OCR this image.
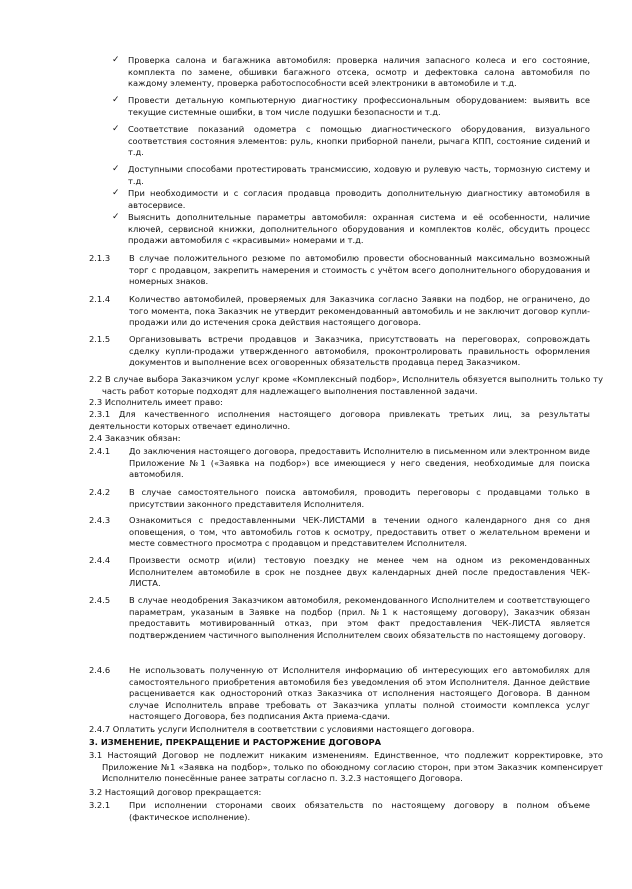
✓ Проверка салона и багажника автомобиля: проверка наличия запасного колеса и его состояние, комплекта по замене, обшивки багажного отсека, осмотр и дефектовка салона автомобиля по каждому элементу, проверка работоспособности всей электроники в автомобиле и т.д.
✓ Провести детальную компьютерную диагностику профессиональным оборудованием: выявить все текущие системные ошибки, в том числе подушки безопасности и т.д.
✓ Соответствие показаний одометра с помощью диагностического оборудования, визуального соответствия состояния элементов: руль, кнопки приборной панели, рычага КПП, состояние сидений и т.д.
✓ Доступными способами протестировать трансмиссию, ходовую и рулевую часть, тормозную систему и т.д.
✓ При необходимости и с согласия продавца проводить дополнительную диагностику автомобиля в автосервисе.
✓ Выяснить дополнительные параметры автомобиля: охранная система и её особенности, наличие ключей, сервисной книжки, дополнительного оборудования и комплектов колёс, обсудить процесс продажи автомобиля с «красивыми» номерами и т.д.
2.1.3 В случае положительного резюме по автомобилю провести обоснованный максимально возможный торг с продавцом, закрепить намерения и стоимость с учётом всего дополнительного оборудования и номерных знаков.
2.1.4 Количество автомобилей, проверяемых для Заказчика согласно Заявки на подбор, не ограничено, до того момента, пока Заказчик не утвердит рекомендованный автомобиль и не заключит договор купли-продажи или до истечения срока действия настоящего договора.
2.1.5 Организовывать встречи продавцов и Заказчика, присутствовать на переговорах, сопровождать сделку купли-продажи утвержденного автомобиля, проконтролировать правильность оформления документов и выполнение всех оговоренных обязательств продавца перед Заказчиком.
2.2 В случае выбора Заказчиком услуг кроме «Комплексный подбор», Исполнитель обязуется выполнить только ту часть работ которые подходят для надлежащего выполнения поставленной задачи.
2.3 Исполнитель имеет право:
2.3.1 Для качественного исполнения настоящего договора привлекать третьих лиц, за результаты деятельности которых отвечает единолично.
2.4 Заказчик обязан:
2.4.1 До заключения настоящего договора, предоставить Исполнителю в письменном или электронном виде Приложение №1 («Заявка на подбор») все имеющиеся у него сведения, необходимые для поиска автомобиля.
2.4.2 В случае самостоятельного поиска автомобиля, проводить переговоры с продавцами только в присутствии законного представителя Исполнителя.
2.4.3 Ознакомиться с предоставленными ЧЕК-ЛИСТАМИ в течении одного календарного дня со дня оповещения, о том, что автомобиль готов к осмотру, предоставить ответ о желательном времени и месте совместного просмотра с продавцом и представителем Исполнителя.
2.4.4 Произвести осмотр и(или) тестовую поездку не менее чем на одном из рекомендованных Исполнителем автомобиле в срок не позднее двух календарных дней после предоставления ЧЕК-ЛИСТА.
2.4.5 В случае неодобрения Заказчиком автомобиля, рекомендованного Исполнителем и соответствующего параметрам, указаным в Заявке на подбор (прил. №1 к настоящему договору), Заказчик обязан предоставить мотивированный отказ, при этом факт предоставления ЧЕК-ЛИСТА является подтверждением частичного выполнения Исполнителем своих обязательств по настоящему договору.
2.4.6 Не использовать полученную от Исполнителя информацию об интересующих его автомобилях для самостоятельного приобретения автомобиля без уведомления об этом Исполнителя. Данное действие расценивается как одностороний отказ Заказчика от исполнения настоящего Договора. В данном случае Исполнитель вправе требовать от Заказчика уплаты полной стоимости комплекса услуг настоящего Договора, без подписания Акта приема-сдачи.
2.4.7 Оплатить услуги Исполнителя в соответствии с условиями настоящего договора.
3. ИЗМЕНЕНИЕ, ПРЕКРАЩЕНИЕ И РАСТОРЖЕНИЕ ДОГОВОРА
3.1 Настоящий Договор не подлежит никаким изменениям. Единственное, что подлежит корректировке, это Приложение №1 «Заявка на подбор», только по обоюдному согласию сторон, при этом Заказчик компенсирует Исполнителю понесённые ранее затраты согласно п. 3.2.3 настоящего Договора.
3.2 Настоящий договор прекращается:
3.2.1 При исполнении сторонами своих обязательств по настоящему договору в полном объеме (фактическое исполнение).
